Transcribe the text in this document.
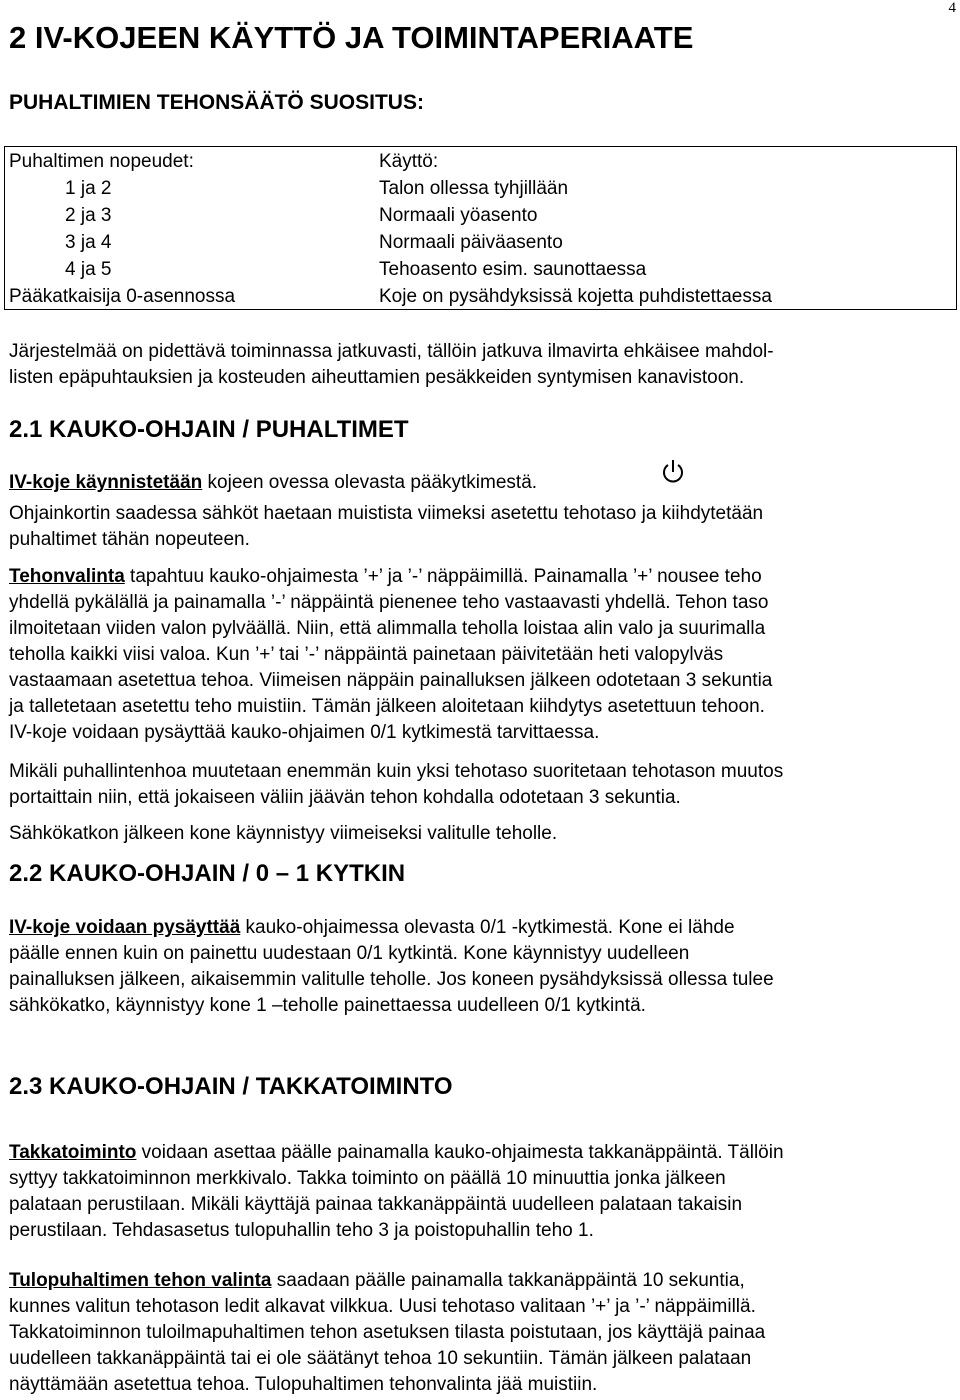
4
2 IV-KOJEEN KÄYTTÖ JA TOIMINTAPERIAATE
PUHALTIMIEN TEHONSÄÄTÖ SUOSITUS:
Puhaltimen nopeudet:	Käyttö:
1 ja 2	Talon ollessa tyhjillään
2 ja 3	Normaali yöasento
3 ja 4	Normaali päiväasento
4 ja 5	Tehoasento esim. saunottaessa
Pääkatkaisija 0-asennossa	Koje on pysähdyksissä kojetta puhdistettaessa
Järjestelmää on pidettävä toiminnassa jatkuvasti, tällöin jatkuva ilmavirta ehkäisee mahdol-
listen epäpuhtauksien ja kosteuden aiheuttamien pesäkkeiden syntymisen kanavistoon.
2.1 KAUKO-OHJAIN / PUHALTIMET
IV-koje käynnistetään kojeen ovessa olevasta pääkytkimestä.
Ohjainkortin saadessa sähköt haetaan muistista viimeksi asetettu tehotaso ja kiihdytetään
puhaltimet tähän nopeuteen.
Tehonvalinta tapahtuu kauko-ohjaimesta ’+’ ja ’-’ näppäimillä. Painamalla ’+’ nousee teho
yhdellä pykälällä ja painamalla ’-’ näppäintä pienenee teho vastaavasti yhdellä. Tehon taso
ilmoitetaan viiden valon pylväällä. Niin, että alimmalla teholla loistaa alin valo ja suurimalla
teholla kaikki viisi valoa. Kun ’+’ tai ’-’ näppäintä painetaan päivitetään heti valopylväs
vastaamaan asetettua tehoa. Viimeisen näppäin painalluksen jälkeen odotetaan 3 sekuntia
ja talletetaan asetettu teho muistiin. Tämän jälkeen aloitetaan kiihdytys asetettuun tehoon.
IV-koje voidaan pysäyttää kauko-ohjaimen 0/1 kytkimestä tarvittaessa.
Mikäli puhallintenhoa muutetaan enemmän kuin yksi tehotaso suoritetaan tehotason muutos
portaittain niin, että jokaiseen väliin jäävän tehon kohdalla odotetaan 3 sekuntia.
Sähkökatkon jälkeen kone käynnistyy viimeiseksi valitulle teholle.
2.2 KAUKO-OHJAIN / 0 – 1 KYTKIN
IV-koje voidaan pysäyttää kauko-ohjaimessa olevasta 0/1 -kytkimestä. Kone ei lähde
päälle ennen kuin on painettu uudestaan 0/1 kytkintä. Kone käynnistyy uudelleen
painalluksen jälkeen, aikaisemmin valitulle teholle. Jos koneen pysähdyksissä ollessa tulee
sähkökatko, käynnistyy kone 1 –teholle painettaessa uudelleen 0/1 kytkintä.
2.3 KAUKO-OHJAIN / TAKKATOIMINTO
Takkatoiminto voidaan asettaa päälle painamalla kauko-ohjaimesta takkanäppäintä. Tällöin
syttyy takkatoiminnon merkkivalo. Takka toiminto on päällä 10 minuuttia jonka jälkeen
palataan perustilaan. Mikäli käyttäjä painaa takkanäppäintä uudelleen palataan takaisin
perustilaan. Tehdasasetus tulopuhallin teho 3 ja poistopuhallin teho 1.
Tulopuhaltimen tehon valinta saadaan päälle painamalla takkanäppäintä 10 sekuntia,
kunnes valitun tehotason ledit alkavat vilkkua. Uusi tehotaso valitaan ’+’ ja ’-’ näppäimillä.
Takkatoiminnon tuloilmapuhaltimen tehon asetuksen tilasta poistutaan, jos käyttäjä painaa
uudelleen takkanäppäintä tai ei ole säätänyt tehoa 10 sekuntiin. Tämän jälkeen palataan
näyttämään asetettua tehoa. Tulopuhaltimen tehonvalinta jää muistiin.
